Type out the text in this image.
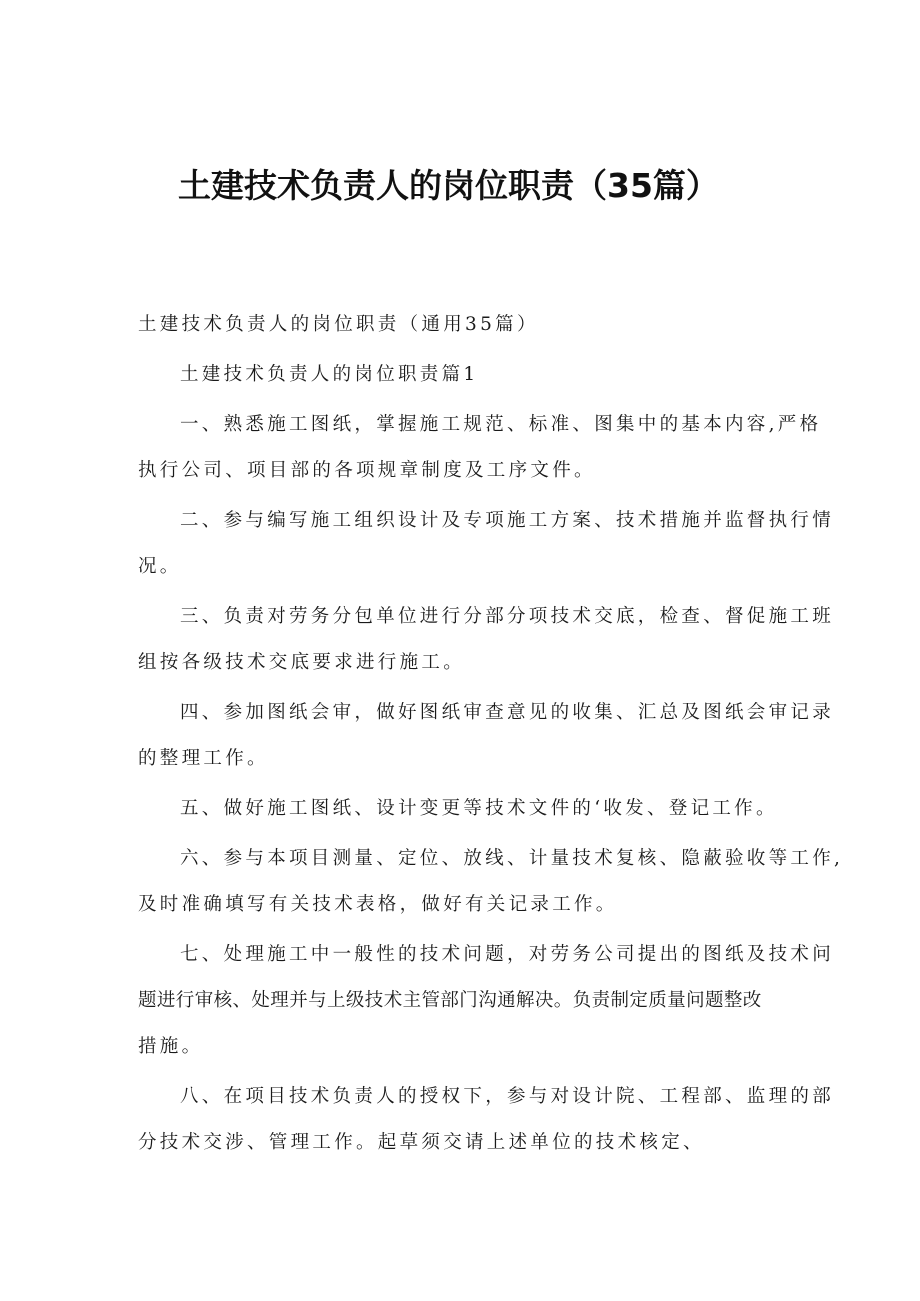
土建技术负责人的岗位职责（35篇）
土建技术负责人的岗位职责（通用35篇）
土建技术负责人的岗位职责篇1
一、熟悉施工图纸，掌握施工规范、标准、图集中的基本内容,严格
执行公司、项目部的各项规章制度及工序文件。
二、参与编写施工组织设计及专项施工方案、技术措施并监督执行情
况。
三、负责对劳务分包单位进行分部分项技术交底，检查、督促施工班
组按各级技术交底要求进行施工。
四、参加图纸会审，做好图纸审查意见的收集、汇总及图纸会审记录
的整理工作。
五、做好施工图纸、设计变更等技术文件的‘收发、登记工作。
六、参与本项目测量、定位、放线、计量技术复核、隐蔽验收等工作,
及时准确填写有关技术表格，做好有关记录工作。
七、处理施工中一般性的技术问题，对劳务公司提出的图纸及技术问
题进行审核、处理并与上级技术主管部门沟通解决。负责制定质量问题整改
措施。
八、在项目技术负责人的授权下，参与对设计院、工程部、监理的部
分技术交涉、管理工作。起草须交请上述单位的技术核定、
